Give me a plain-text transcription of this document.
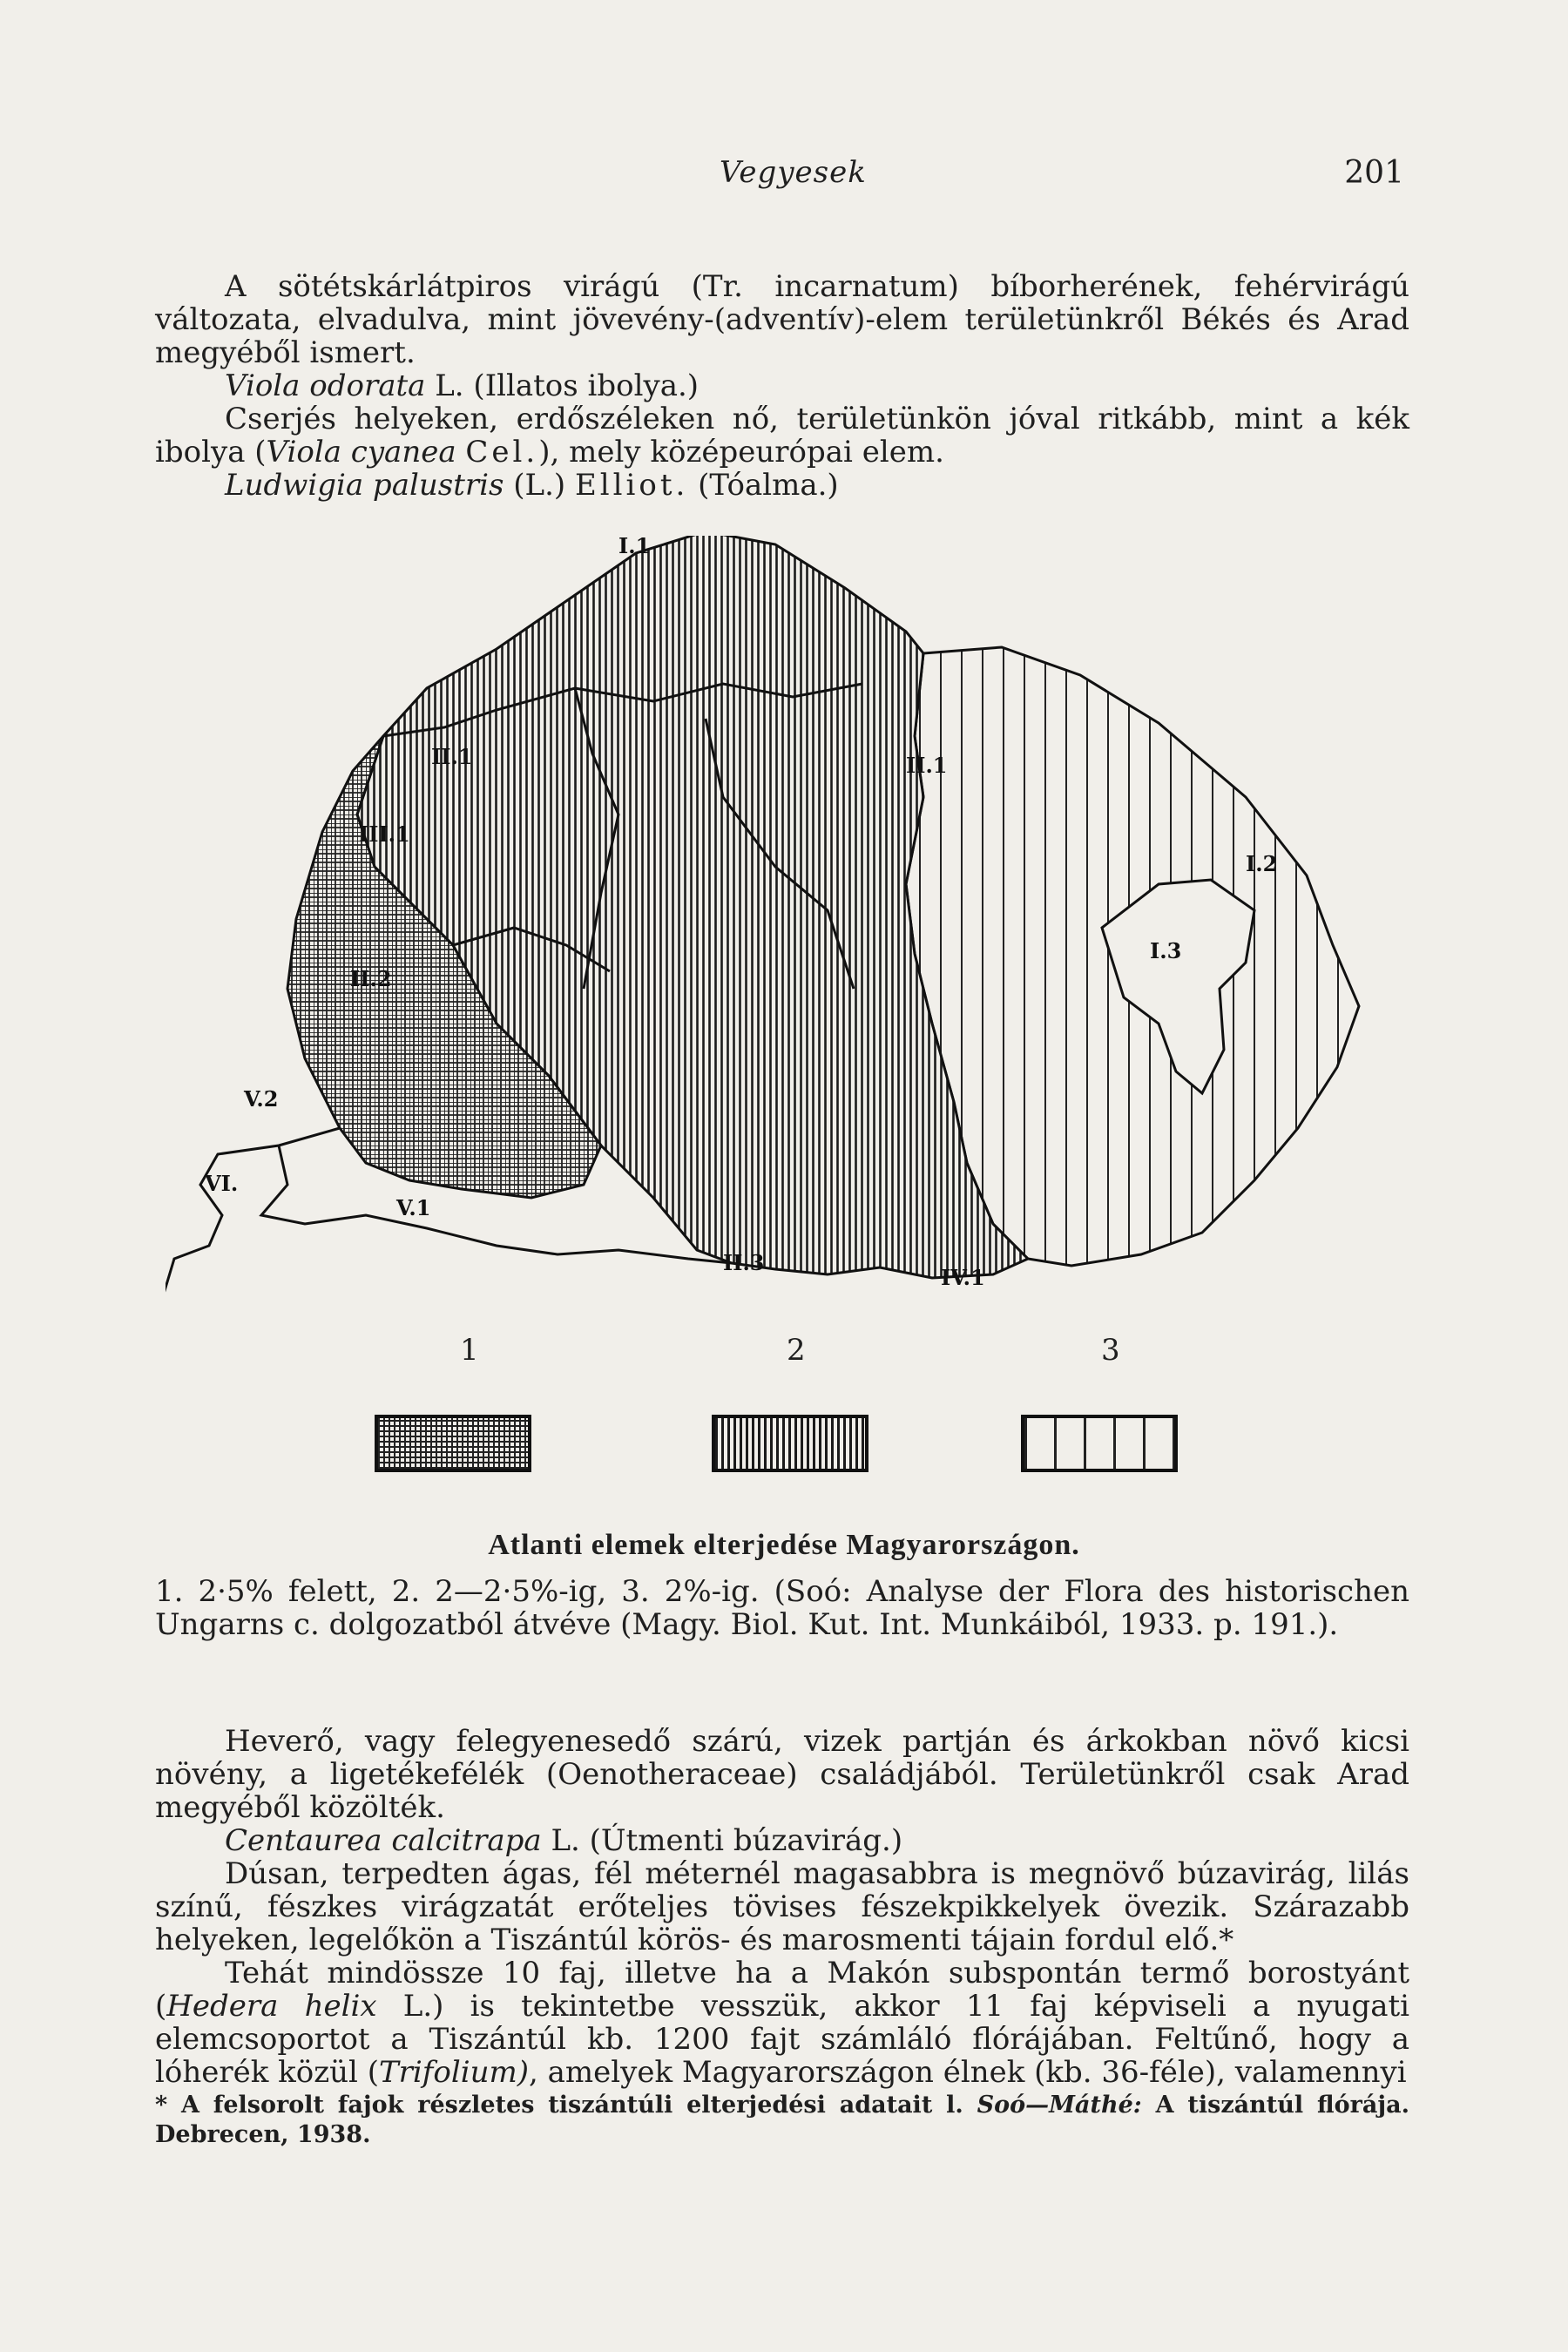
Vegyesek	201

A sötétskárlátpiros virágú (Tr. incarnatum) bíborherének, fehérvirágú változata, elvadulva, mint jövevény-(adventív)-elem területünkről Békés és Arad megyéből ismert.

Viola odorata L. (Illatos ibolya.)

Cserjés helyeken, erdőszéleken nő, területünkön jóval ritkább, mint a kék ibolya (Viola cyanea Cel.), mely középeurópai elem.

Ludwigia palustris (L.) Elliot. (Tóalma.)

I.1
I.2
I.3
II.1
II.2
II.3
III.1
II.1
IV.1
V.1
V.2
VI.
1	2	3
Atlanti elemek elterjedése Magyarországon.

1. 2·5% felett, 2. 2—2·5%-ig, 3. 2%-ig. (Soó: Analyse der Flora des historischen Ungarns c. dolgozatból átvéve (Magy. Biol. Kut. Int. Munkáiból, 1933. p. 191.).

Heverő, vagy felegyenesedő szárú, vizek partján és árkokban növő kicsi növény, a ligetékefélék (Oenotheraceae) családjából. Területünkről csak Arad megyéből közölték.

Centaurea calcitrapa L. (Útmenti búzavirág.)

Dúsan, terpedten ágas, fél méternél magasabbra is megnövő búzavirág, lilás színű, fészkes virágzatát erőteljes tövises fészekpikkelyek övezik. Szárazabb helyeken, legelőkön a Tiszántúl körös- és marosmenti tájain fordul elő.*

Tehát mindössze 10 faj, illetve ha a Makón subspontán termő borostyánt (Hedera helix L.) is tekintetbe vesszük, akkor 11 faj képviseli a nyugati elemcsoportot a Tiszántúl kb. 1200 fajt számláló flórájában. Feltűnő, hogy a lóherék közül (Trifolium), amelyek Magyarországon élnek (kb. 36-féle), valamennyi

* A felsorolt fajok részletes tiszántúli elterjedési adatait l. Soó—Máthé: A tiszántúl flórája. Debrecen, 1938.
